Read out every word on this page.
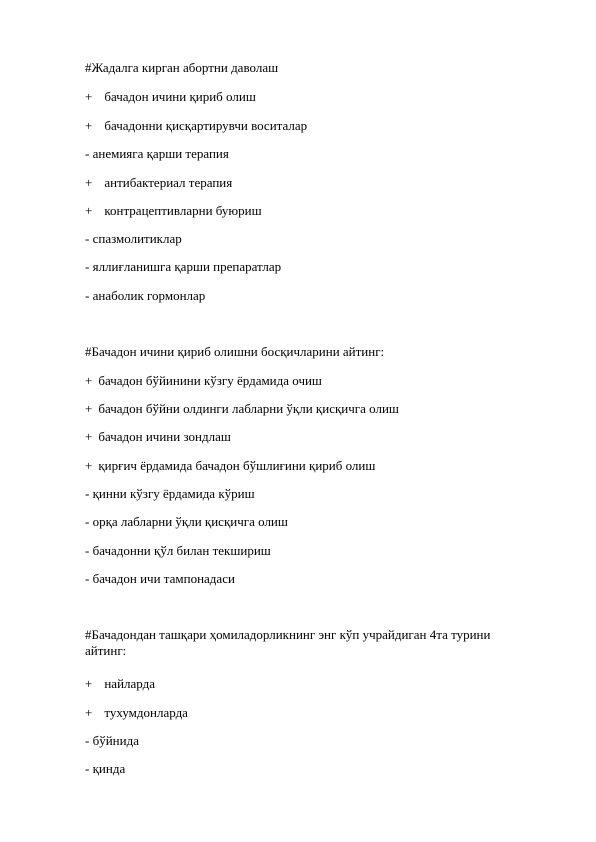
#Жадалга кирган абортни даволаш
+ бачадон ичини қириб олиш
+ бачадонни қисқартирувчи воситалар
- анемияга қарши терапия
+ антибактериал терапия
+ контрацептивларни буюриш
- спазмолитиклар
- яллиғланишга қарши препаратлар
- анаболик гормонлар
#Бачадон ичини қириб олишни босқичларини айтинг:
+ бачадон бўйинини кўзгу ёрдамида очиш
+ бачадон бўйни олдинги лабларни ўқли қисқичга олиш
+ бачадон ичини зондлаш
+ қирғич ёрдамида бачадон бўшлиғини қириб олиш
- қинни кўзгу ёрдамида кўриш
- орқа лабларни ўқли қисқичга олиш
- бачадонни қўл билан текшириш
- бачадон ичи тампонадаси
#Бачадондан ташқари ҳомиладорликнинг энг кўп учрайдиган 4та турини айтинг:
+ найларда
+ тухумдонларда
- бўйнида
- қинда
